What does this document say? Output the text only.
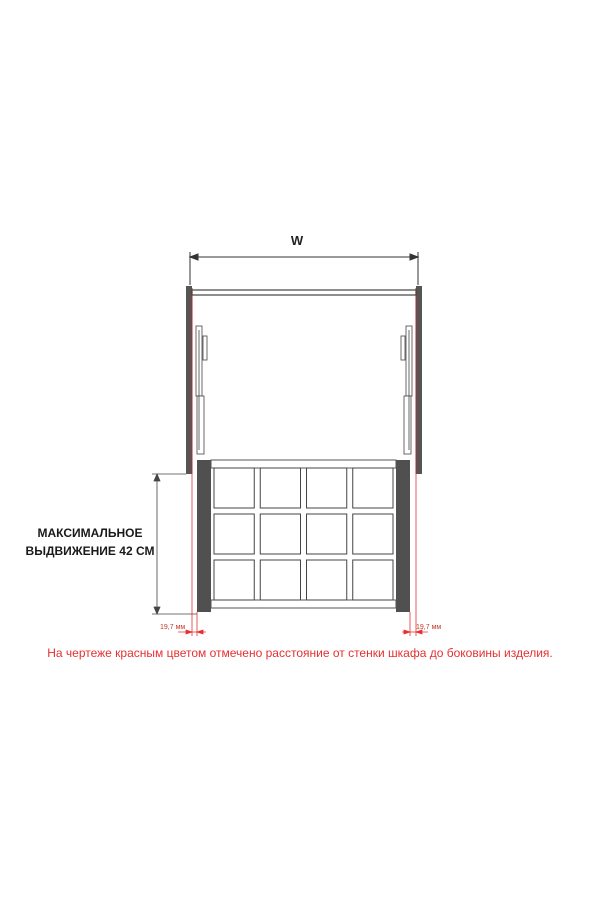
W
МАКСИМАЛЬНОЕ
ВЫДВИЖЕНИЕ 42 СМ
19,7 мм	19,7 мм
На чертеже красным цветом отмечено расстояние от стенки шкафа до боковины изделия.
